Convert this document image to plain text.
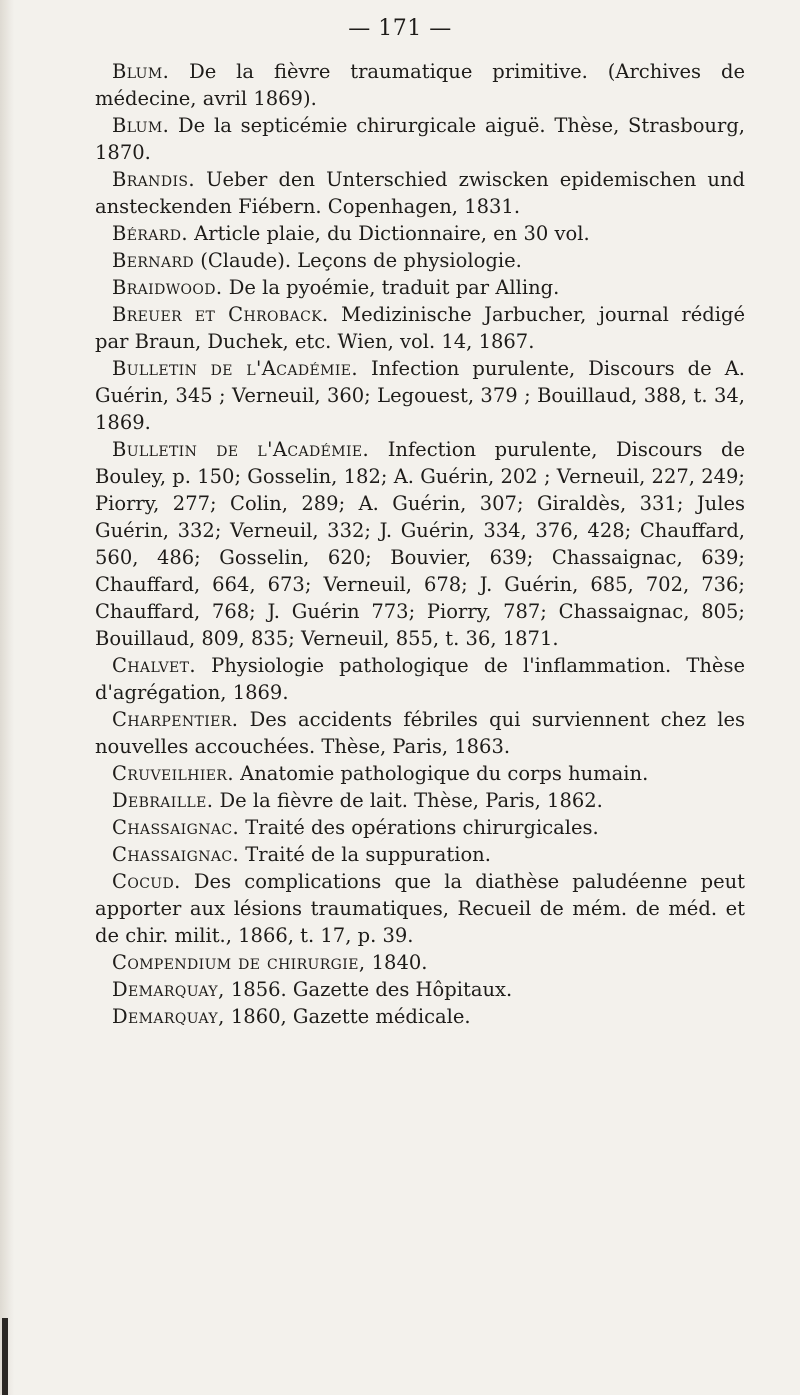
— 171 —

Blum. De la fièvre traumatique primitive. (Archives de médecine, avril 1869).

Blum. De la septicémie chirurgicale aiguë. Thèse, Strasbourg, 1870.

Brandis. Ueber den Unterschied zwiscken epidemischen und ansteckenden Fiébern. Copenhagen, 1831.

Bérard. Article plaie, du Dictionnaire, en 30 vol.

Bernard (Claude). Leçons de physiologie.

Braidwood. De la pyoémie, traduit par Alling.

Breuer et Chroback. Medizinische Jarbucher, journal rédigé par Braun, Duchek, etc. Wien, vol. 14, 1867.

Bulletin de l'Académie. Infection purulente, Discours de A. Guérin, 345 ; Verneuil, 360; Legouest, 379 ; Bouillaud, 388, t. 34, 1869.

Bulletin de l'Académie. Infection purulente, Discours de Bouley, p. 150; Gosselin, 182; A. Guérin, 202 ; Verneuil, 227, 249; Piorry, 277; Colin, 289; A. Guérin, 307; Giraldès, 331; Jules Guérin, 332; Verneuil, 332; J. Guérin, 334, 376, 428; Chauffard, 560, 486; Gosselin, 620; Bouvier, 639; Chassaignac, 639; Chauffard, 664, 673; Verneuil, 678; J. Guérin, 685, 702, 736; Chauffard, 768; J. Guérin 773; Piorry, 787; Chassaignac, 805; Bouillaud, 809, 835; Verneuil, 855, t. 36, 1871.

Chalvet. Physiologie pathologique de l'inflammation. Thèse d'agrégation, 1869.

Charpentier. Des accidents fébriles qui surviennent chez les nouvelles accouchées. Thèse, Paris, 1863.

Cruveilhier. Anatomie pathologique du corps humain.

Debraille. De la fièvre de lait. Thèse, Paris, 1862.

Chassaignac. Traité des opérations chirurgicales.

Chassaignac. Traité de la suppuration.

Cocud. Des complications que la diathèse paludéenne peut apporter aux lésions traumatiques, Recueil de mém. de méd. et de chir. milit., 1866, t. 17, p. 39.

Compendium de chirurgie, 1840.

Demarquay, 1856. Gazette des Hôpitaux.

Demarquay, 1860, Gazette médicale.
